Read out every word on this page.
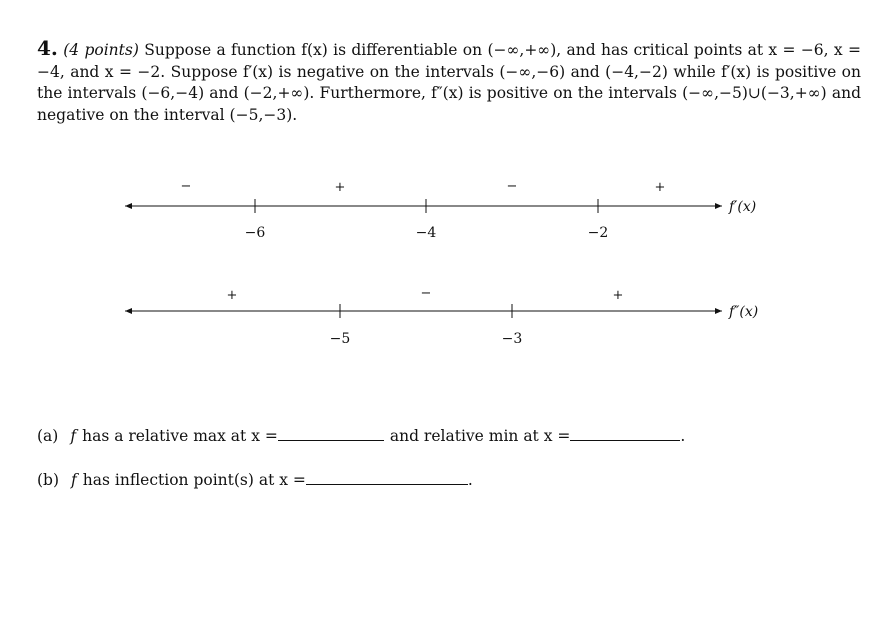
4. (4 points) Suppose a function f(x) is differentiable on (−∞,+∞), and has critical points at x = −6, x = −4, and x = −2. Suppose f′(x) is negative on the intervals (−∞,−6) and (−4,−2) while f′(x) is positive on the intervals (−6,−4) and (−2,+∞). Furthermore, f″(x) is positive on the intervals (−∞,−5)∪(−3,+∞) and negative on the interval (−5,−3).

−6	−4	−2
−	+	−	+
f′(x)
−5	−3
+	−	+
f″(x)
(a) f has a relative max at x =	and relative min at x =	.
(b) f has inflection point(s) at x =	.
